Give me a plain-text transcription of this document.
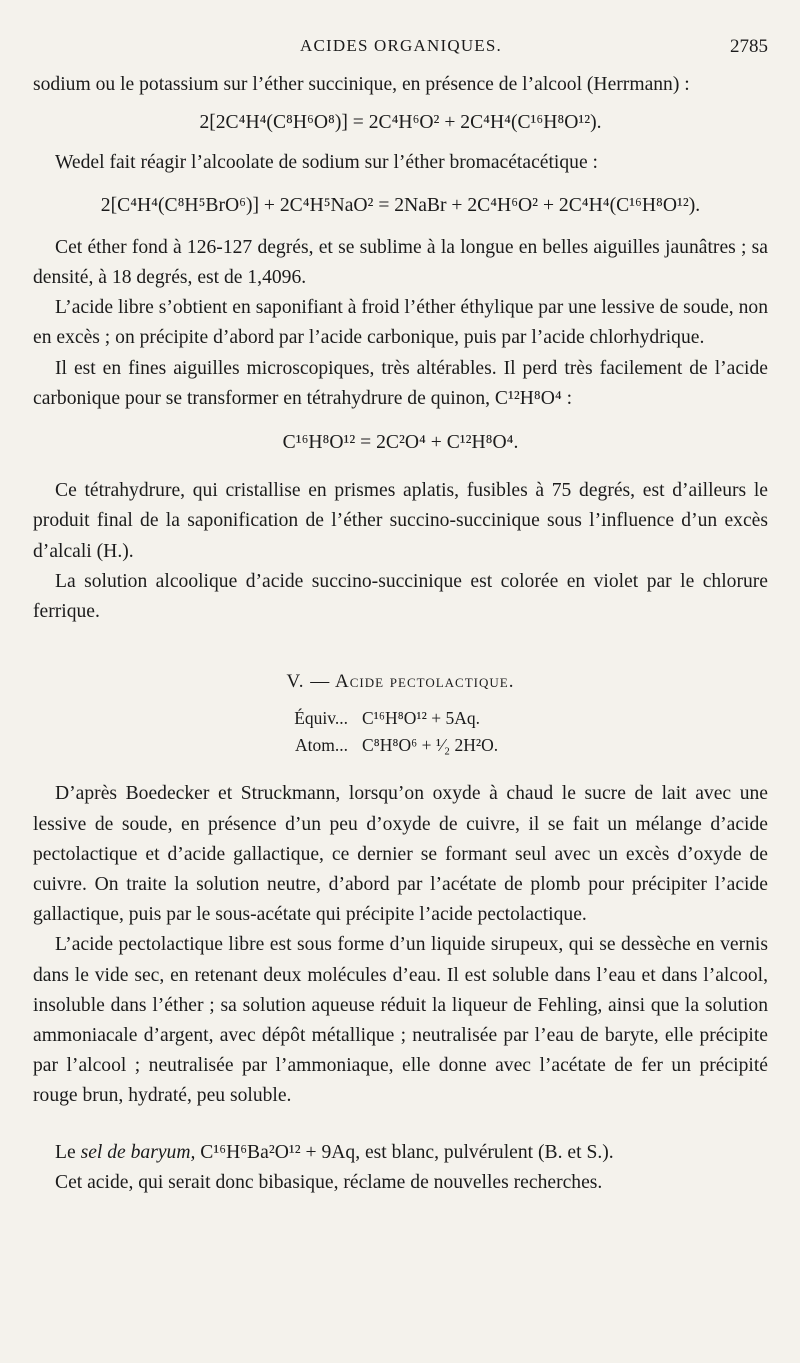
ACIDES ORGANIQUES.	2785

sodium ou le potassium sur l’éther succinique, en présence de l’alcool (Herrmann) :

2[2C⁴H⁴(C⁸H⁶O⁸)] = 2C⁴H⁶O² + 2C⁴H⁴(C¹⁶H⁸O¹²).

Wedel fait réagir l’alcoolate de sodium sur l’éther bromacétacétique :

2[C⁴H⁴(C⁸H⁵BrO⁶)] + 2C⁴H⁵NaO² = 2NaBr + 2C⁴H⁶O² + 2C⁴H⁴(C¹⁶H⁸O¹²).

Cet éther fond à 126-127 degrés, et se sublime à la longue en belles aiguilles jaunâtres ; sa densité, à 18 degrés, est de 1,4096.

L’acide libre s’obtient en saponifiant à froid l’éther éthylique par une lessive de soude, non en excès ; on précipite d’abord par l’acide carbonique, puis par l’acide chlorhydrique.

Il est en fines aiguilles microscopiques, très altérables. Il perd très facilement de l’acide carbonique pour se transformer en tétrahydrure de quinon, C¹²H⁸O⁴ :

C¹⁶H⁸O¹² = 2C²O⁴ + C¹²H⁸O⁴.

Ce tétrahydrure, qui cristallise en prismes aplatis, fusibles à 75 degrés, est d’ailleurs le produit final de la saponification de l’éther succino-succinique sous l’influence d’un excès d’alcali (H.).

La solution alcoolique d’acide succino-succinique est colorée en violet par le chlorure ferrique.

V. — Acide pectolactique.
Équiv... C¹⁶H⁸O¹² + 5Aq.
Atom... C⁸H⁸O⁶ + ¹⁄₂ 2H²O.

D’après Boedecker et Struckmann, lorsqu’on oxyde à chaud le sucre de lait avec une lessive de soude, en présence d’un peu d’oxyde de cuivre, il se fait un mélange d’acide pectolactique et d’acide gallactique, ce dernier se formant seul avec un excès d’oxyde de cuivre. On traite la solution neutre, d’abord par l’acétate de plomb pour précipiter l’acide gallactique, puis par le sous-acétate qui précipite l’acide pectolactique.

L’acide pectolactique libre est sous forme d’un liquide sirupeux, qui se dessèche en vernis dans le vide sec, en retenant deux molécules d’eau. Il est soluble dans l’eau et dans l’alcool, insoluble dans l’éther ; sa solution aqueuse réduit la liqueur de Fehling, ainsi que la solution ammoniacale d’argent, avec dépôt métallique ; neutralisée par l’eau de baryte, elle précipite par l’alcool ; neutralisée par l’ammoniaque, elle donne avec l’acétate de fer un précipité rouge brun, hydraté, peu soluble.

Le sel de baryum, C¹⁶H⁶Ba²O¹² + 9Aq, est blanc, pulvérulent (B. et S.).

Cet acide, qui serait donc bibasique, réclame de nouvelles recherches.
